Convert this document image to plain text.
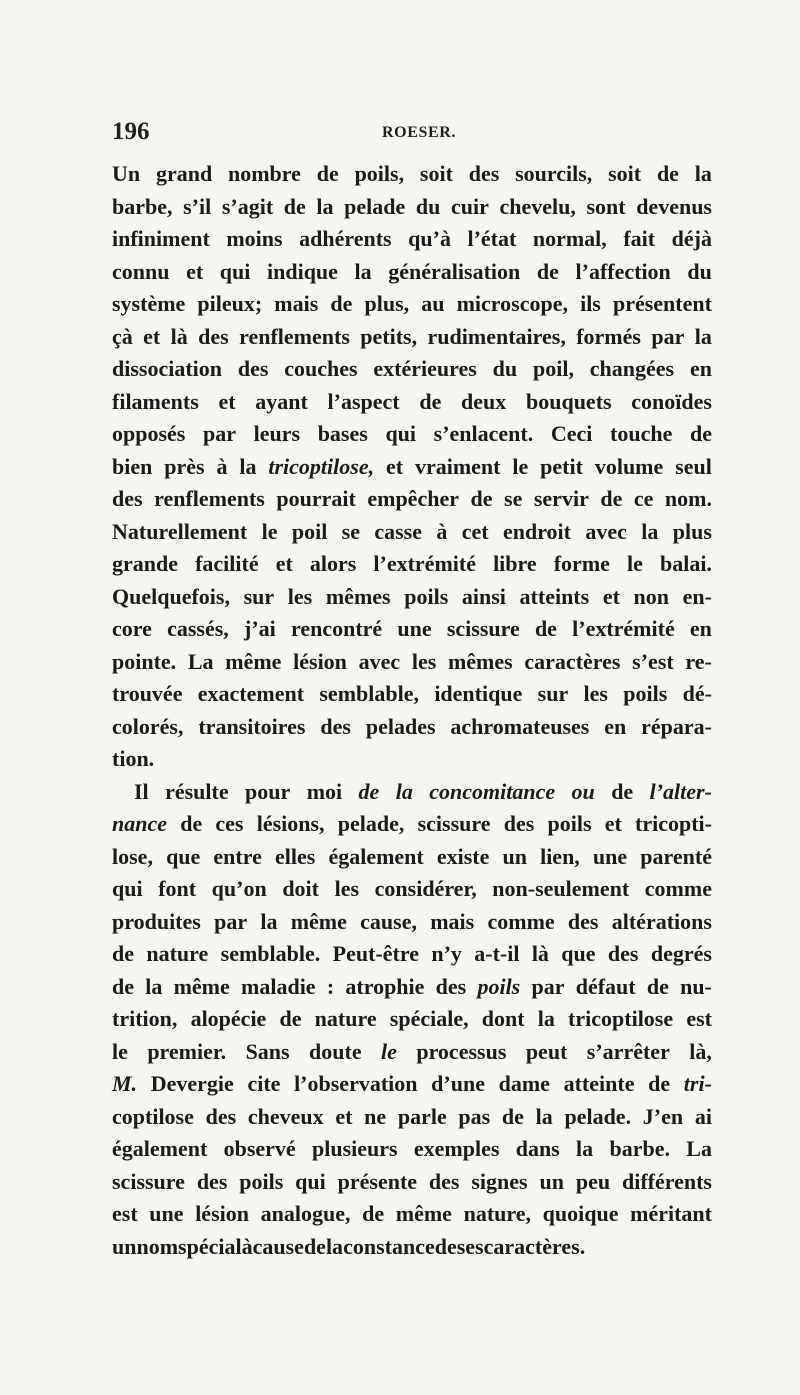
196	ROESER.
Un grand nombre de poils, soit des sourcils, soit de la
barbe, s’il s’agit de la pelade du cuir chevelu, sont devenus
infiniment moins adhérents qu’à l’état normal, fait déjà
connu et qui indique la généralisation de l’affection du
système pileux; mais de plus, au microscope, ils présentent
çà et là des renflements petits, rudimentaires, formés par la
dissociation des couches extérieures du poil, changées en
filaments et ayant l’aspect de deux bouquets conoïdes
opposés par leurs bases qui s’enlacent. Ceci touche de
bien près à la tricoptilose, et vraiment le petit volume seul
des renflements pourrait empêcher de se servir de ce nom.
Naturellement le poil se casse à cet endroit avec la plus
grande facilité et alors l’extrémité libre forme le balai.
Quelquefois, sur les mêmes poils ainsi atteints et non en-
core cassés, j’ai rencontré une scissure de l’extrémité en
pointe. La même lésion avec les mêmes caractères s’est re-
trouvée exactement semblable, identique sur les poils dé-
colorés, transitoires des pelades achromateuses en répara-
tion.
Il résulte pour moi de la concomitance ou de l’alter-
nance de ces lésions, pelade, scissure des poils et tricopti-
lose, que entre elles également existe un lien, une parenté
qui font qu’on doit les considérer, non-seulement comme
produites par la même cause, mais comme des altérations
de nature semblable. Peut-être n’y a-t-il là que des degrés
de la même maladie : atrophie des poils par défaut de nu-
trition, alopécie de nature spéciale, dont la tricoptilose est
le premier. Sans doute le processus peut s’arrêter là,
M. Devergie cite l’observation d’une dame atteinte de tri-
coptilose des cheveux et ne parle pas de la pelade. J’en ai
également observé plusieurs exemples dans la barbe. La
scissure des poils qui présente des signes un peu différents
est une lésion analogue, de même nature, quoique méritant
un nom spécial à cause de la constance de ses caractères.
